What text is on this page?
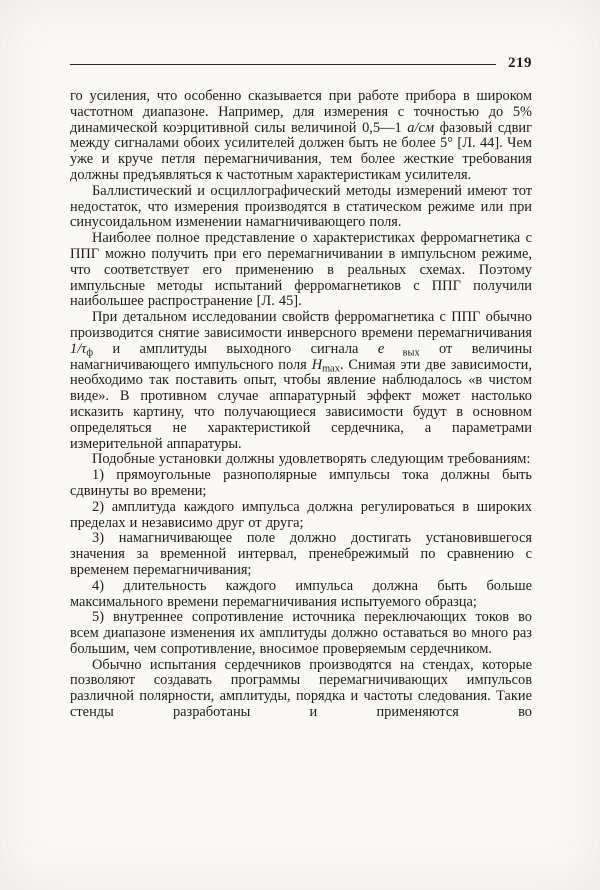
219

го усиления, что особенно сказывается при работе прибора в широком частотном диапазоне. Например, для измерения с точностью до 5% динамической коэрцитивной силы величиной 0,5—1 а/см фазовый сдвиг между сигналами обоих усилителей должен быть не более 5° [Л. 44]. Чем у́же и круче петля перемагничивания, тем более жесткие требования должны предъявляться к частотным характеристикам усилителя.

Баллистический и осциллографический методы измерений имеют тот недостаток, что измерения производятся в статическом режиме или при синусоидальном изменении намагничивающего поля.

Наиболее полное представление о характеристиках ферромагнетика с ППГ можно получить при его перемагничивании в импульсном режиме, что соответствует его применению в реальных схемах. Поэтому импульсные методы испытаний ферромагнетиков с ППГ получили наибольшее распространение [Л. 45].

При детальном исследовании свойств ферромагнетика с ППГ обычно производится снятие зависимости инверсного времени перемагничивания $1/\tau_ф$ и амплитуды выходного сигнала е $_{вых}$ от величины намагничивающего импульсного поля $H_{max}$. Снимая эти две зависимости, необходимо так поставить опыт, чтобы явление наблюдалось «в чистом виде». В противном случае аппаратурный эффект может настолько исказить картину, что получающиеся зависимости будут в основном определяться не характеристикой сердечника, а параметрами измерительной аппаратуры.

Подобные установки должны удовлетворять следующим требованиям:

1) прямоугольные разнополярные импульсы тока должны быть сдвинуты во времени;

2) амплитуда каждого импульса должна регулироваться в широких пределах и независимо друг от друга;

3) намагничивающее поле должно достигать установившегося значения за временной интервал, пренебрежимый по сравнению с временем перемагничивания;

4) длительность каждого импульса должна быть больше максимального времени перемагничивания испытуемого образца;

5) внутреннее сопротивление источника переключающих токов во всем диапазоне изменения их амплитуды должно оставаться во много раз большим, чем сопротивление, вносимое проверяемым сердечником.

Обычно испытания сердечников производятся на стендах, которые позволяют создавать программы перемагничивающих импульсов различной полярности, амплитуды, порядка и частоты следования. Такие стенды разработаны и применяются во
